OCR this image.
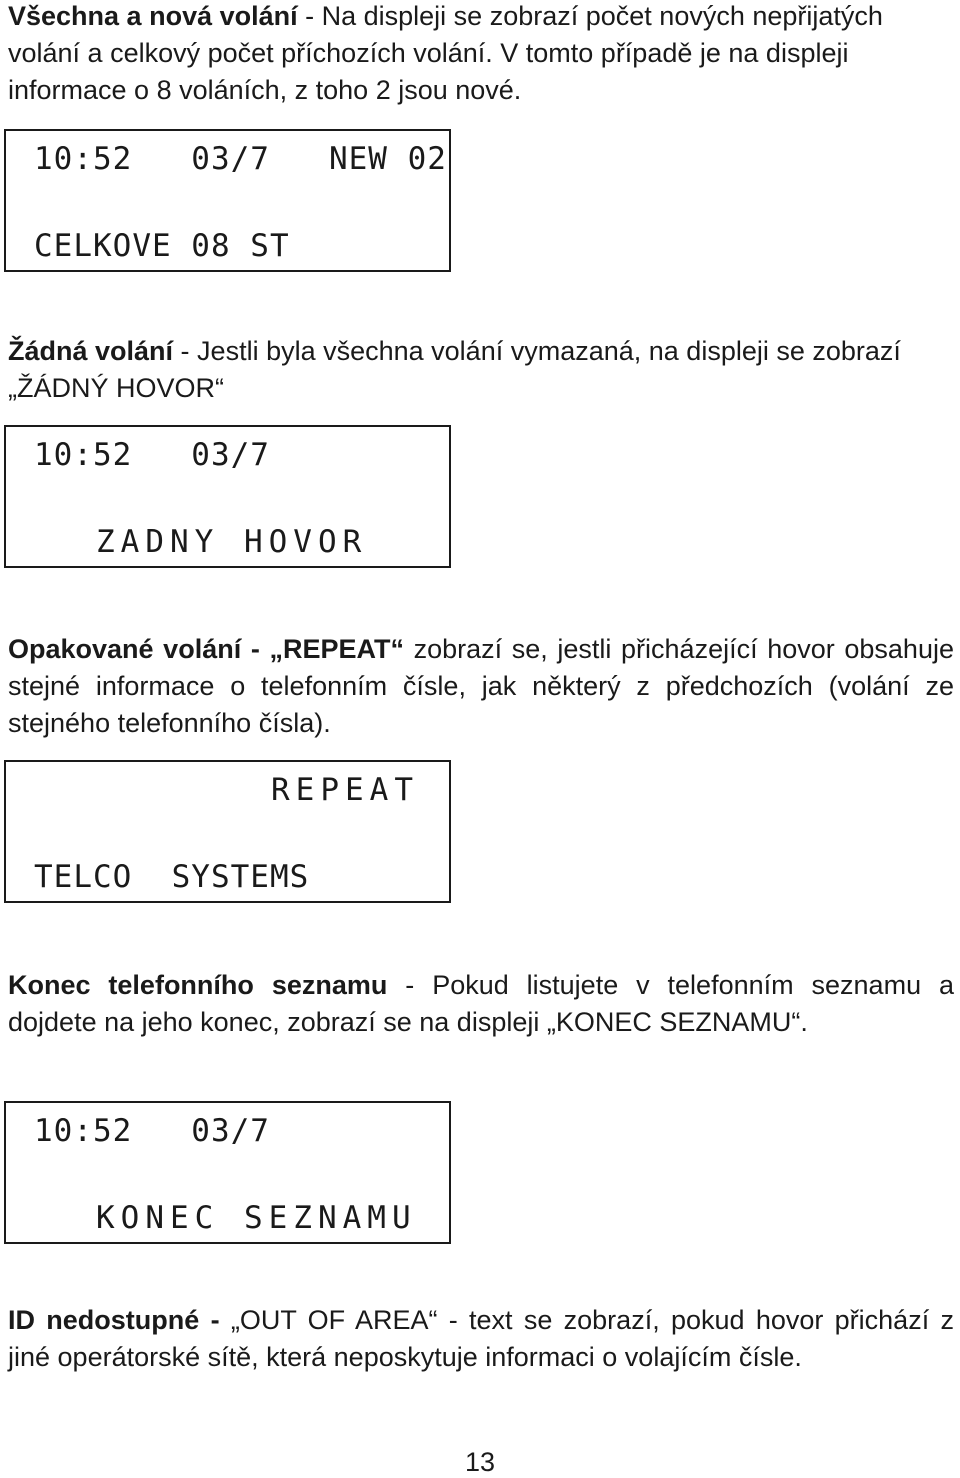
Všechna a nová volání - Na displeji se zobrazí počet nových nepřijatých volání a celkový počet příchozích volání. V tomto případě je na displeji informace o 8 voláních, z toho 2 jsou nové.

10:52   03/7   NEW 02
CELKOVE 08 ST

Žádná volání - Jestli byla všechna volání vymazaná, na displeji se zobrazí „ŽÁDNÝ HOVOR“

10:52   03/7
ZADNY HOVOR

Opakované volání - „REPEAT“ zobrazí se, jestli přicházející hovor obsahuje stejné informace o telefonním čísle, jak některý z předchozích (volání ze stejného telefonního čísla).

REPEAT
TELCO  SYSTEMS

Konec telefonního seznamu - Pokud listujete v telefonním seznamu a dojdete na jeho konec, zobrazí se na displeji „KONEC SEZNAMU“.

10:52   03/7
KONEC SEZNAMU

ID nedostupné - „OUT OF AREA“ - text se zobrazí, pokud hovor přichází z jiné operátorské sítě, která neposkytuje informaci o volajícím čísle.

13
